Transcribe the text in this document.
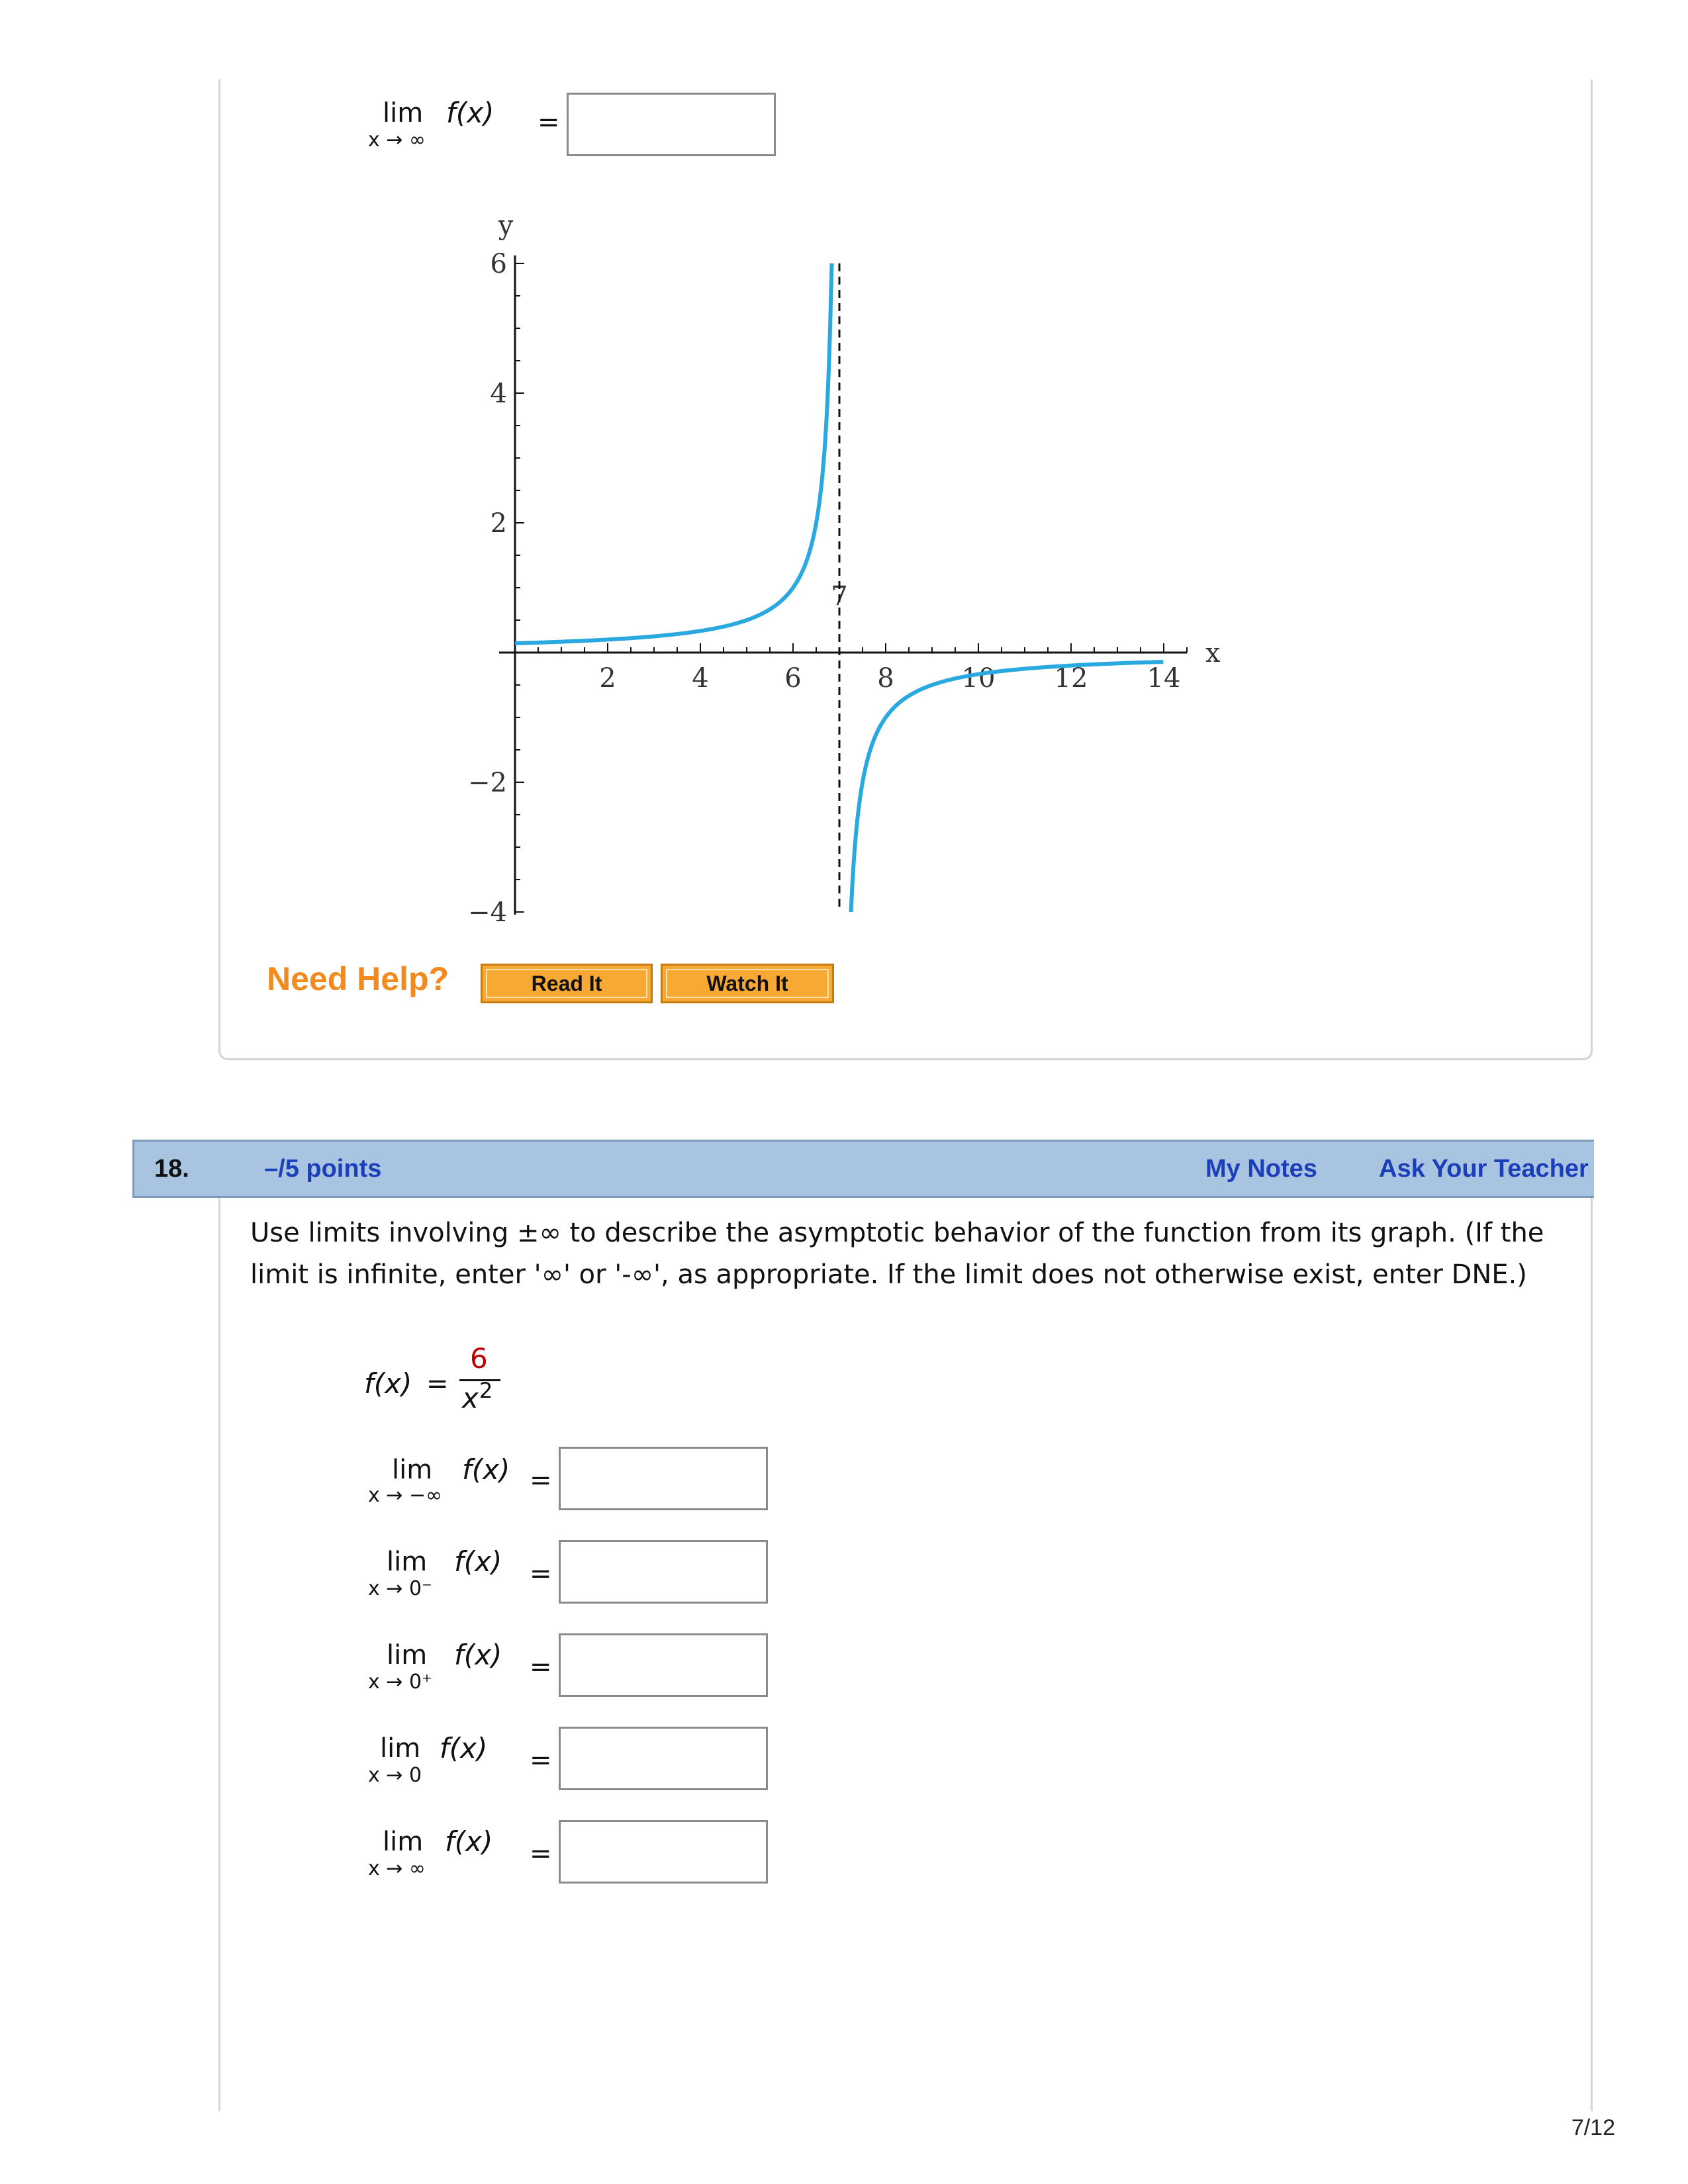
lim
x → ∞
f(x) =
2	4	6	8	10 12 14
6
4
2
−2
−4
x
y
7
Need Help?	Read It	Watch It
18.	–/5 points	My Notes Ask Your Teacher
Use limits involving ±∞ to describe the asymptotic behavior of the function from its graph. (If the limit is infinite, enter '∞' or '-∞', as appropriate. If the limit does not otherwise exist, enter DNE.)
f(x) =
6
x 2
lim
x → −∞
f(x) =
lim
x → 0⁻
f(x) =
lim
x → 0⁺
f(x) =
lim
x → 0
f(x) =
lim
x → ∞
f(x) =
7/12
